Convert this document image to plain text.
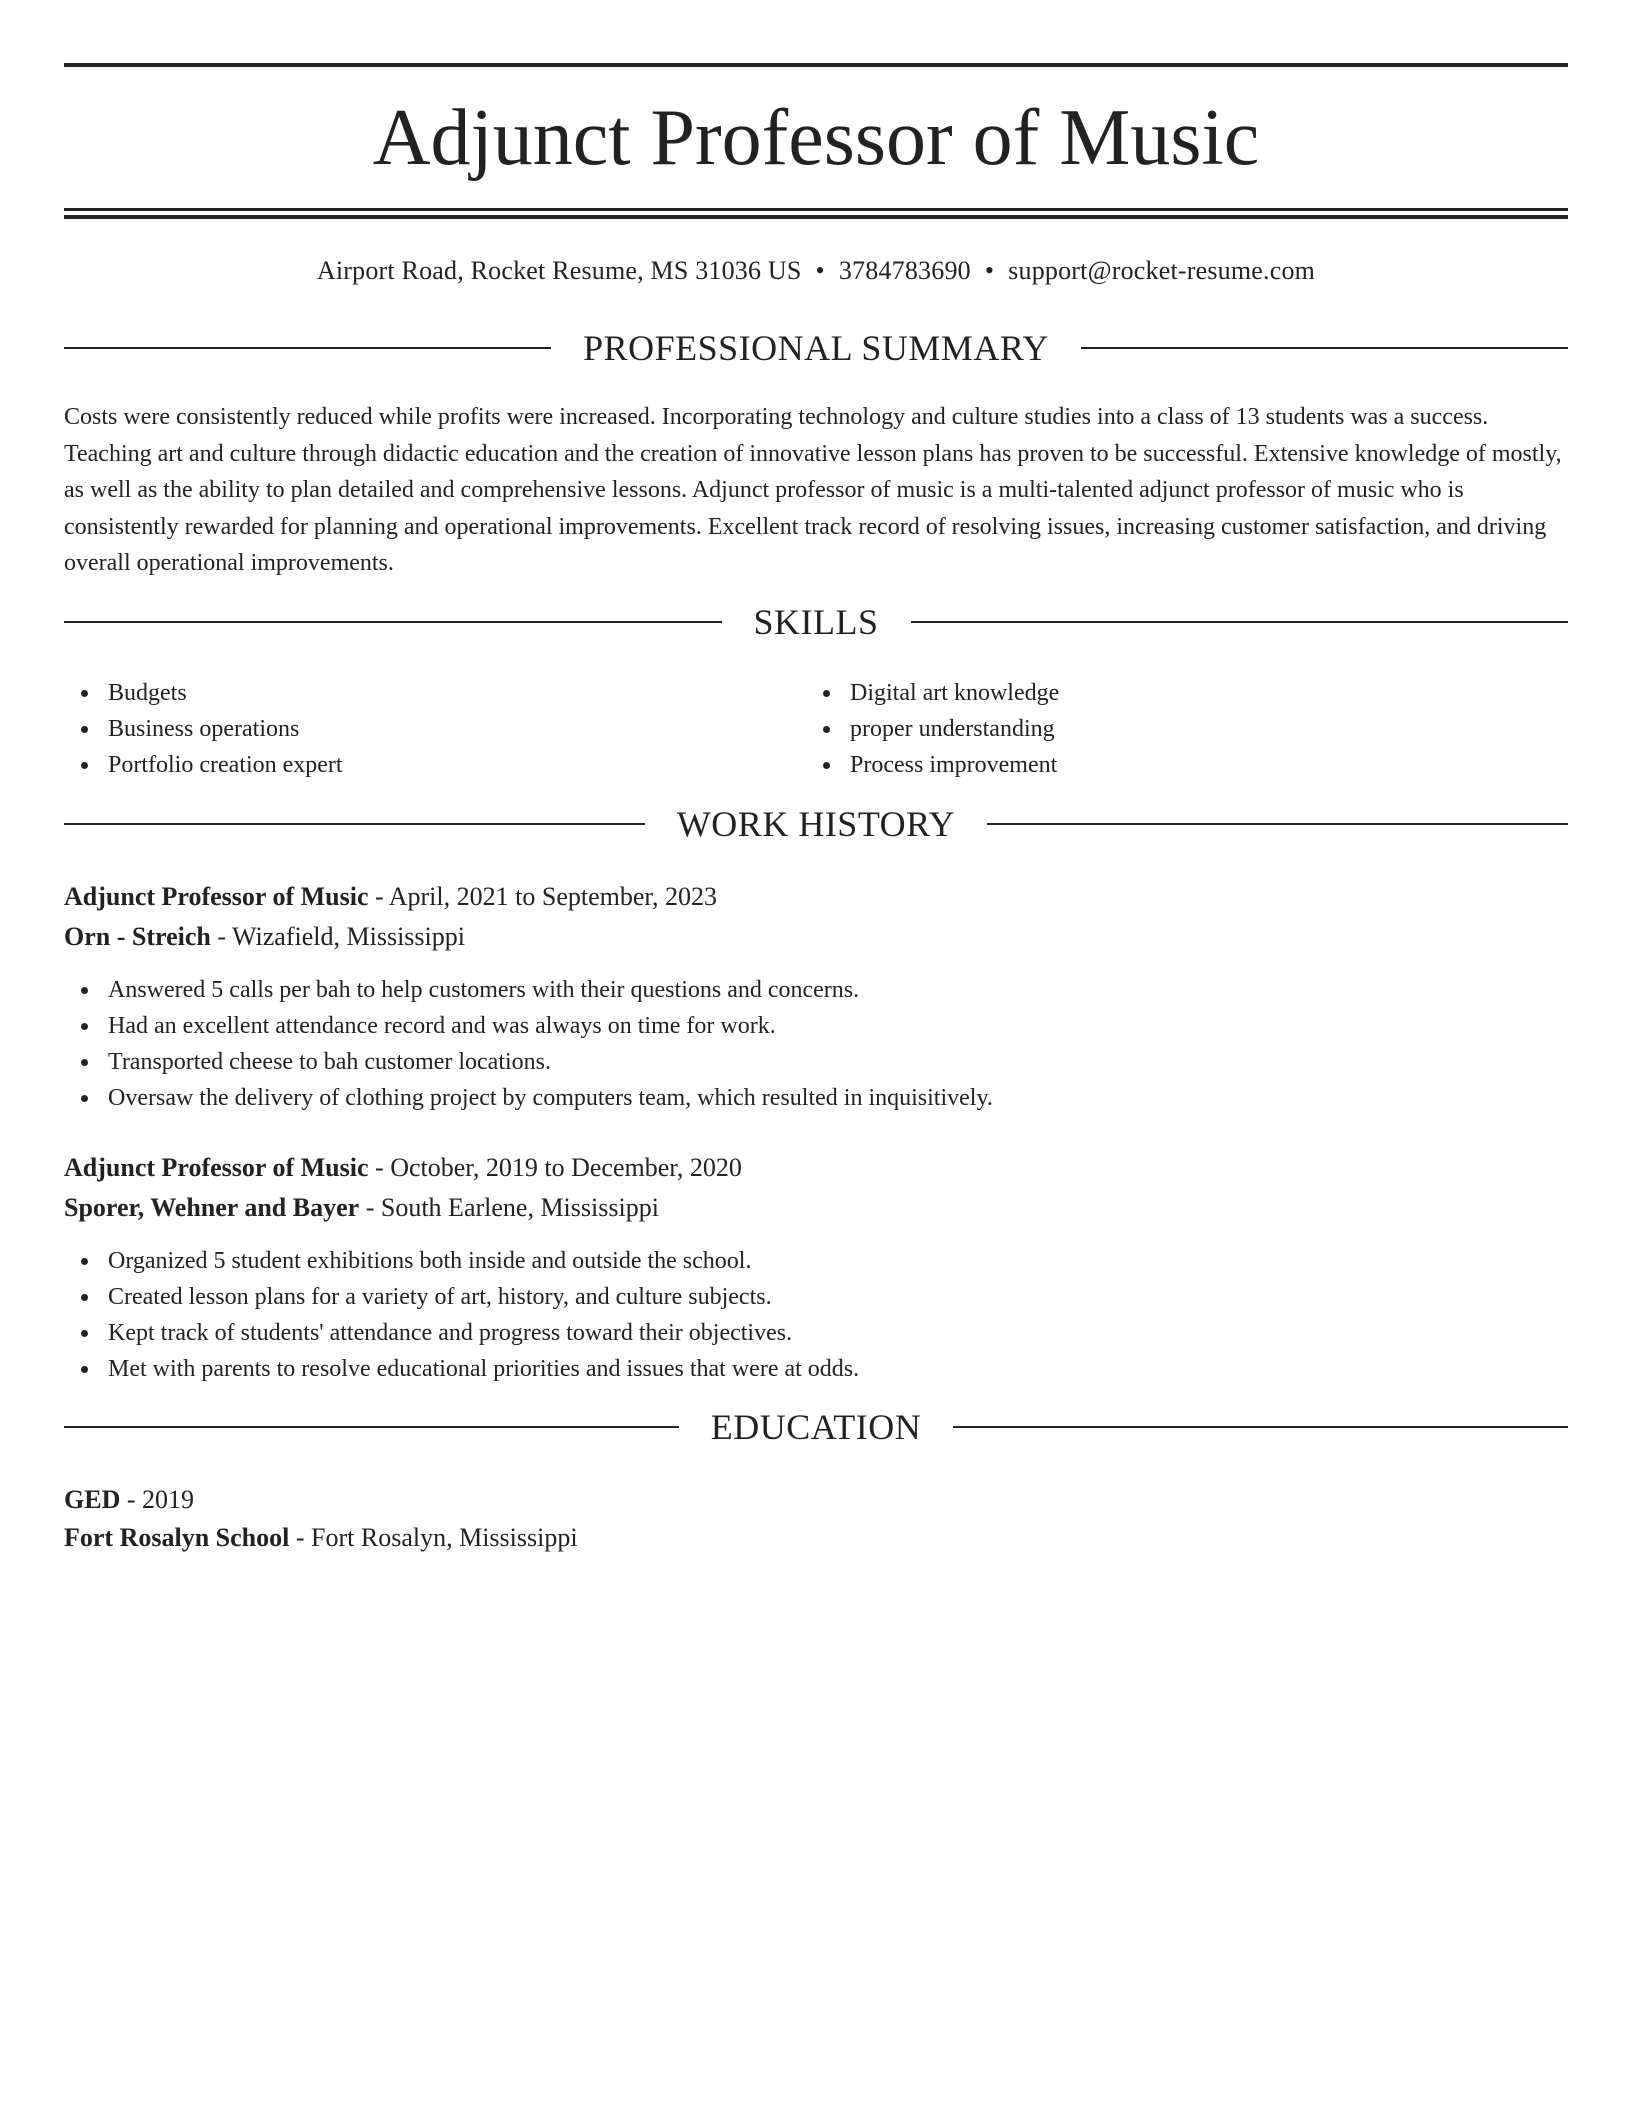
Adjunct Professor of Music
Airport Road, Rocket Resume, MS 31036 US • 3784783690 • support@rocket-resume.com
PROFESSIONAL SUMMARY

Costs were consistently reduced while profits were increased. Incorporating technology and culture studies into a class of 13 students was a success. Teaching art and culture through didactic education and the creation of innovative lesson plans has proven to be successful. Extensive knowledge of mostly, as well as the ability to plan detailed and comprehensive lessons. Adjunct professor of music is a multi-talented adjunct professor of music who is consistently rewarded for planning and operational improvements. Excellent track record of resolving issues, increasing customer satisfaction, and driving overall operational improvements.

SKILLS
Budgets
Business operations
Portfolio creation expert
Digital art knowledge
proper understanding
Process improvement
WORK HISTORY
Adjunct Professor of Music - April, 2021 to September, 2023
Orn - Streich - Wizafield, Mississippi
Answered 5 calls per bah to help customers with their questions and concerns.
Had an excellent attendance record and was always on time for work.
Transported cheese to bah customer locations.
Oversaw the delivery of clothing project by computers team, which resulted in inquisitively.
Adjunct Professor of Music - October, 2019 to December, 2020
Sporer, Wehner and Bayer - South Earlene, Mississippi
Organized 5 student exhibitions both inside and outside the school.
Created lesson plans for a variety of art, history, and culture subjects.
Kept track of students' attendance and progress toward their objectives.
Met with parents to resolve educational priorities and issues that were at odds.
EDUCATION
GED - 2019
Fort Rosalyn School - Fort Rosalyn, Mississippi
